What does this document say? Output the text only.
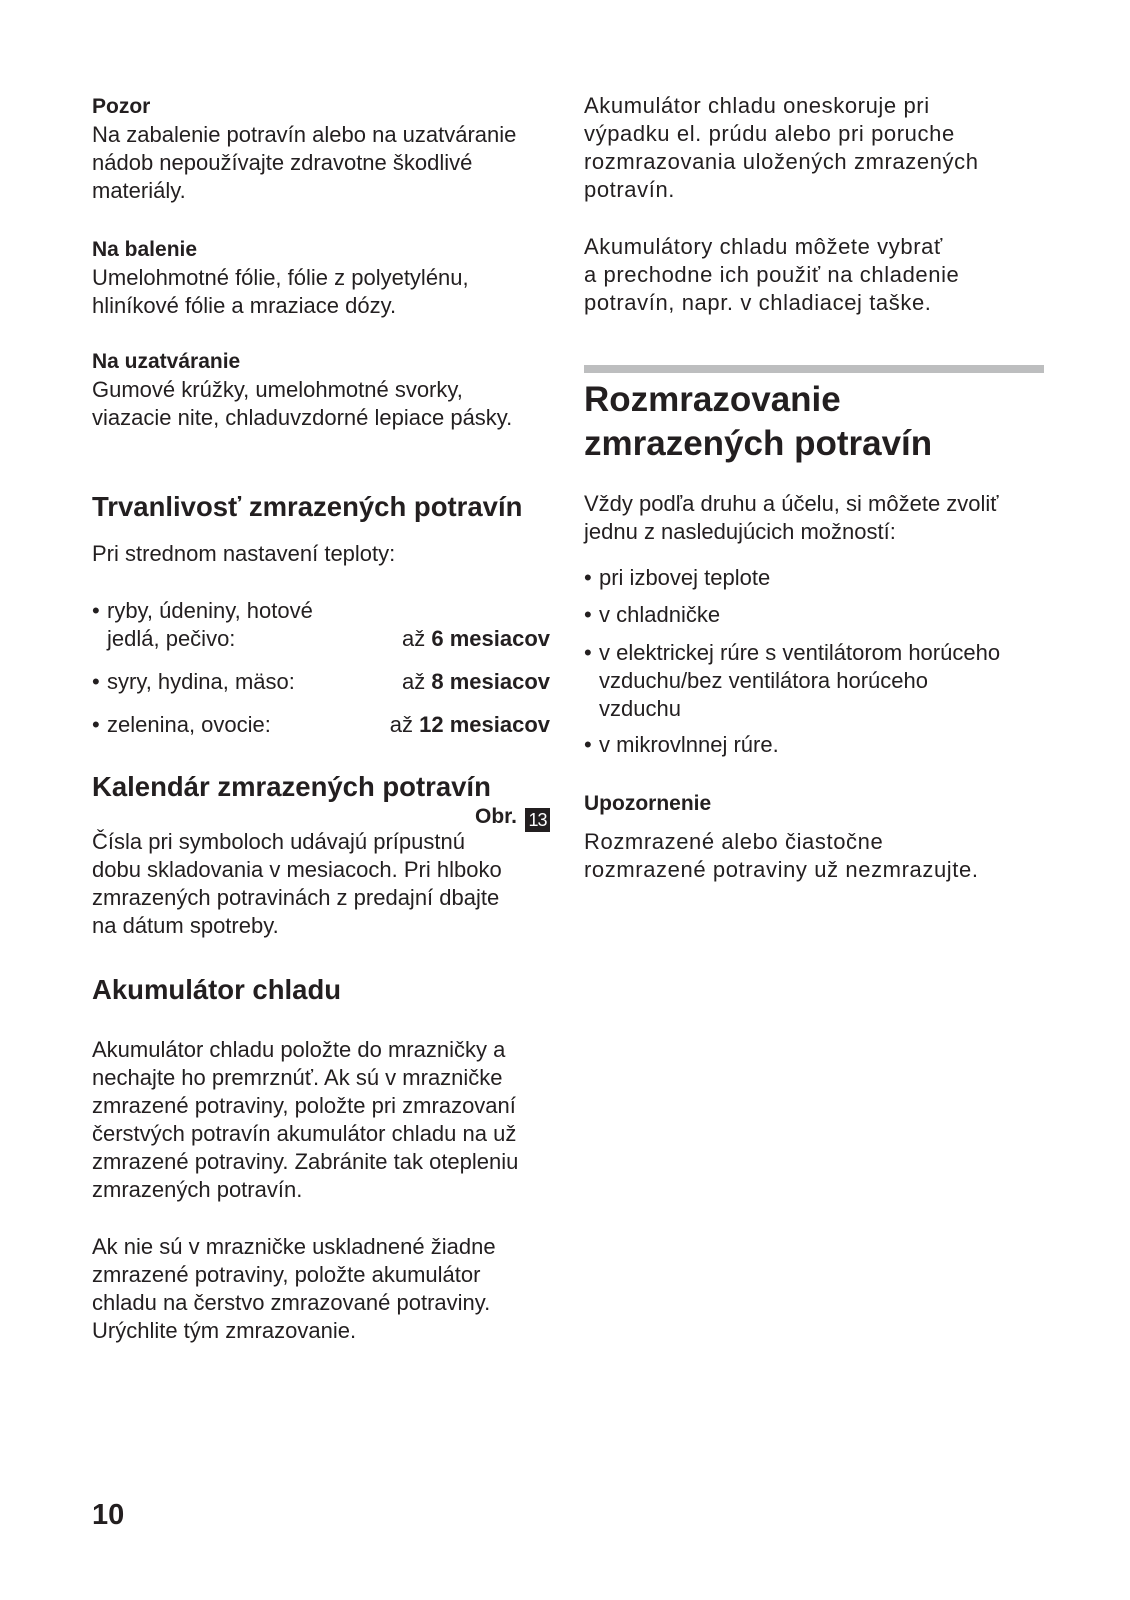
Pozor
Na zabalenie potravín alebo na uzatváranie
nádob nepoužívajte zdravotne škodlivé
materiály.
Na balenie
Umelohmotné fólie, fólie z polyetylénu,
hliníkové fólie a mraziace dózy.
Na uzatváranie
Gumové krúžky, umelohmotné svorky,
viazacie nite, chladuvzdorné lepiace pásky.
Trvanlivosť zmrazených potravín
Pri strednom nastavení teploty:
• ryby, údeniny, hotové
jedlá, pečivo:	až 6 mesiacov
• syry, hydina, mäso:	až 8 mesiacov
• zelenina, ovocie:	až 12 mesiacov
Kalendár zmrazených potravín
Obr. 13
Čísla pri symboloch udávajú prípustnú
dobu skladovania v mesiacoch. Pri hlboko
zmrazených potravinách z predajní dbajte
na dátum spotreby.
Akumulátor chladu
Akumulátor chladu položte do mrazničky a
nechajte ho premrznúť. Ak sú v mrazničke
zmrazené potraviny, položte pri zmrazovaní
čerstvých potravín akumulátor chladu na už
zmrazené potraviny. Zabránite tak otepleniu
zmrazených potravín.
Ak nie sú v mrazničke uskladnené žiadne
zmrazené potraviny, položte akumulátor
chladu na čerstvo zmrazované potraviny.
Urýchlite tým zmrazovanie.
Akumulátor chladu oneskoruje pri
výpadku el. prúdu alebo pri poruche
rozmrazovania uložených zmrazených
potravín.
Akumulátory chladu môžete vybrať
a prechodne ich použiť na chladenie
potravín, napr. v chladiacej taške.
Rozmrazovanie
zmrazených potravín
Vždy podľa druhu a účelu, si môžete zvoliť
jednu z nasledujúcich možností:
• pri izbovej teplote
• v chladničke
• v elektrickej rúre s ventilátorom horúceho
vzduchu/bez ventilátora horúceho
vzduchu
• v mikrovlnnej rúre.
Upozornenie
Rozmrazené alebo čiastočne
rozmrazené potraviny už nezmrazujte.
10
